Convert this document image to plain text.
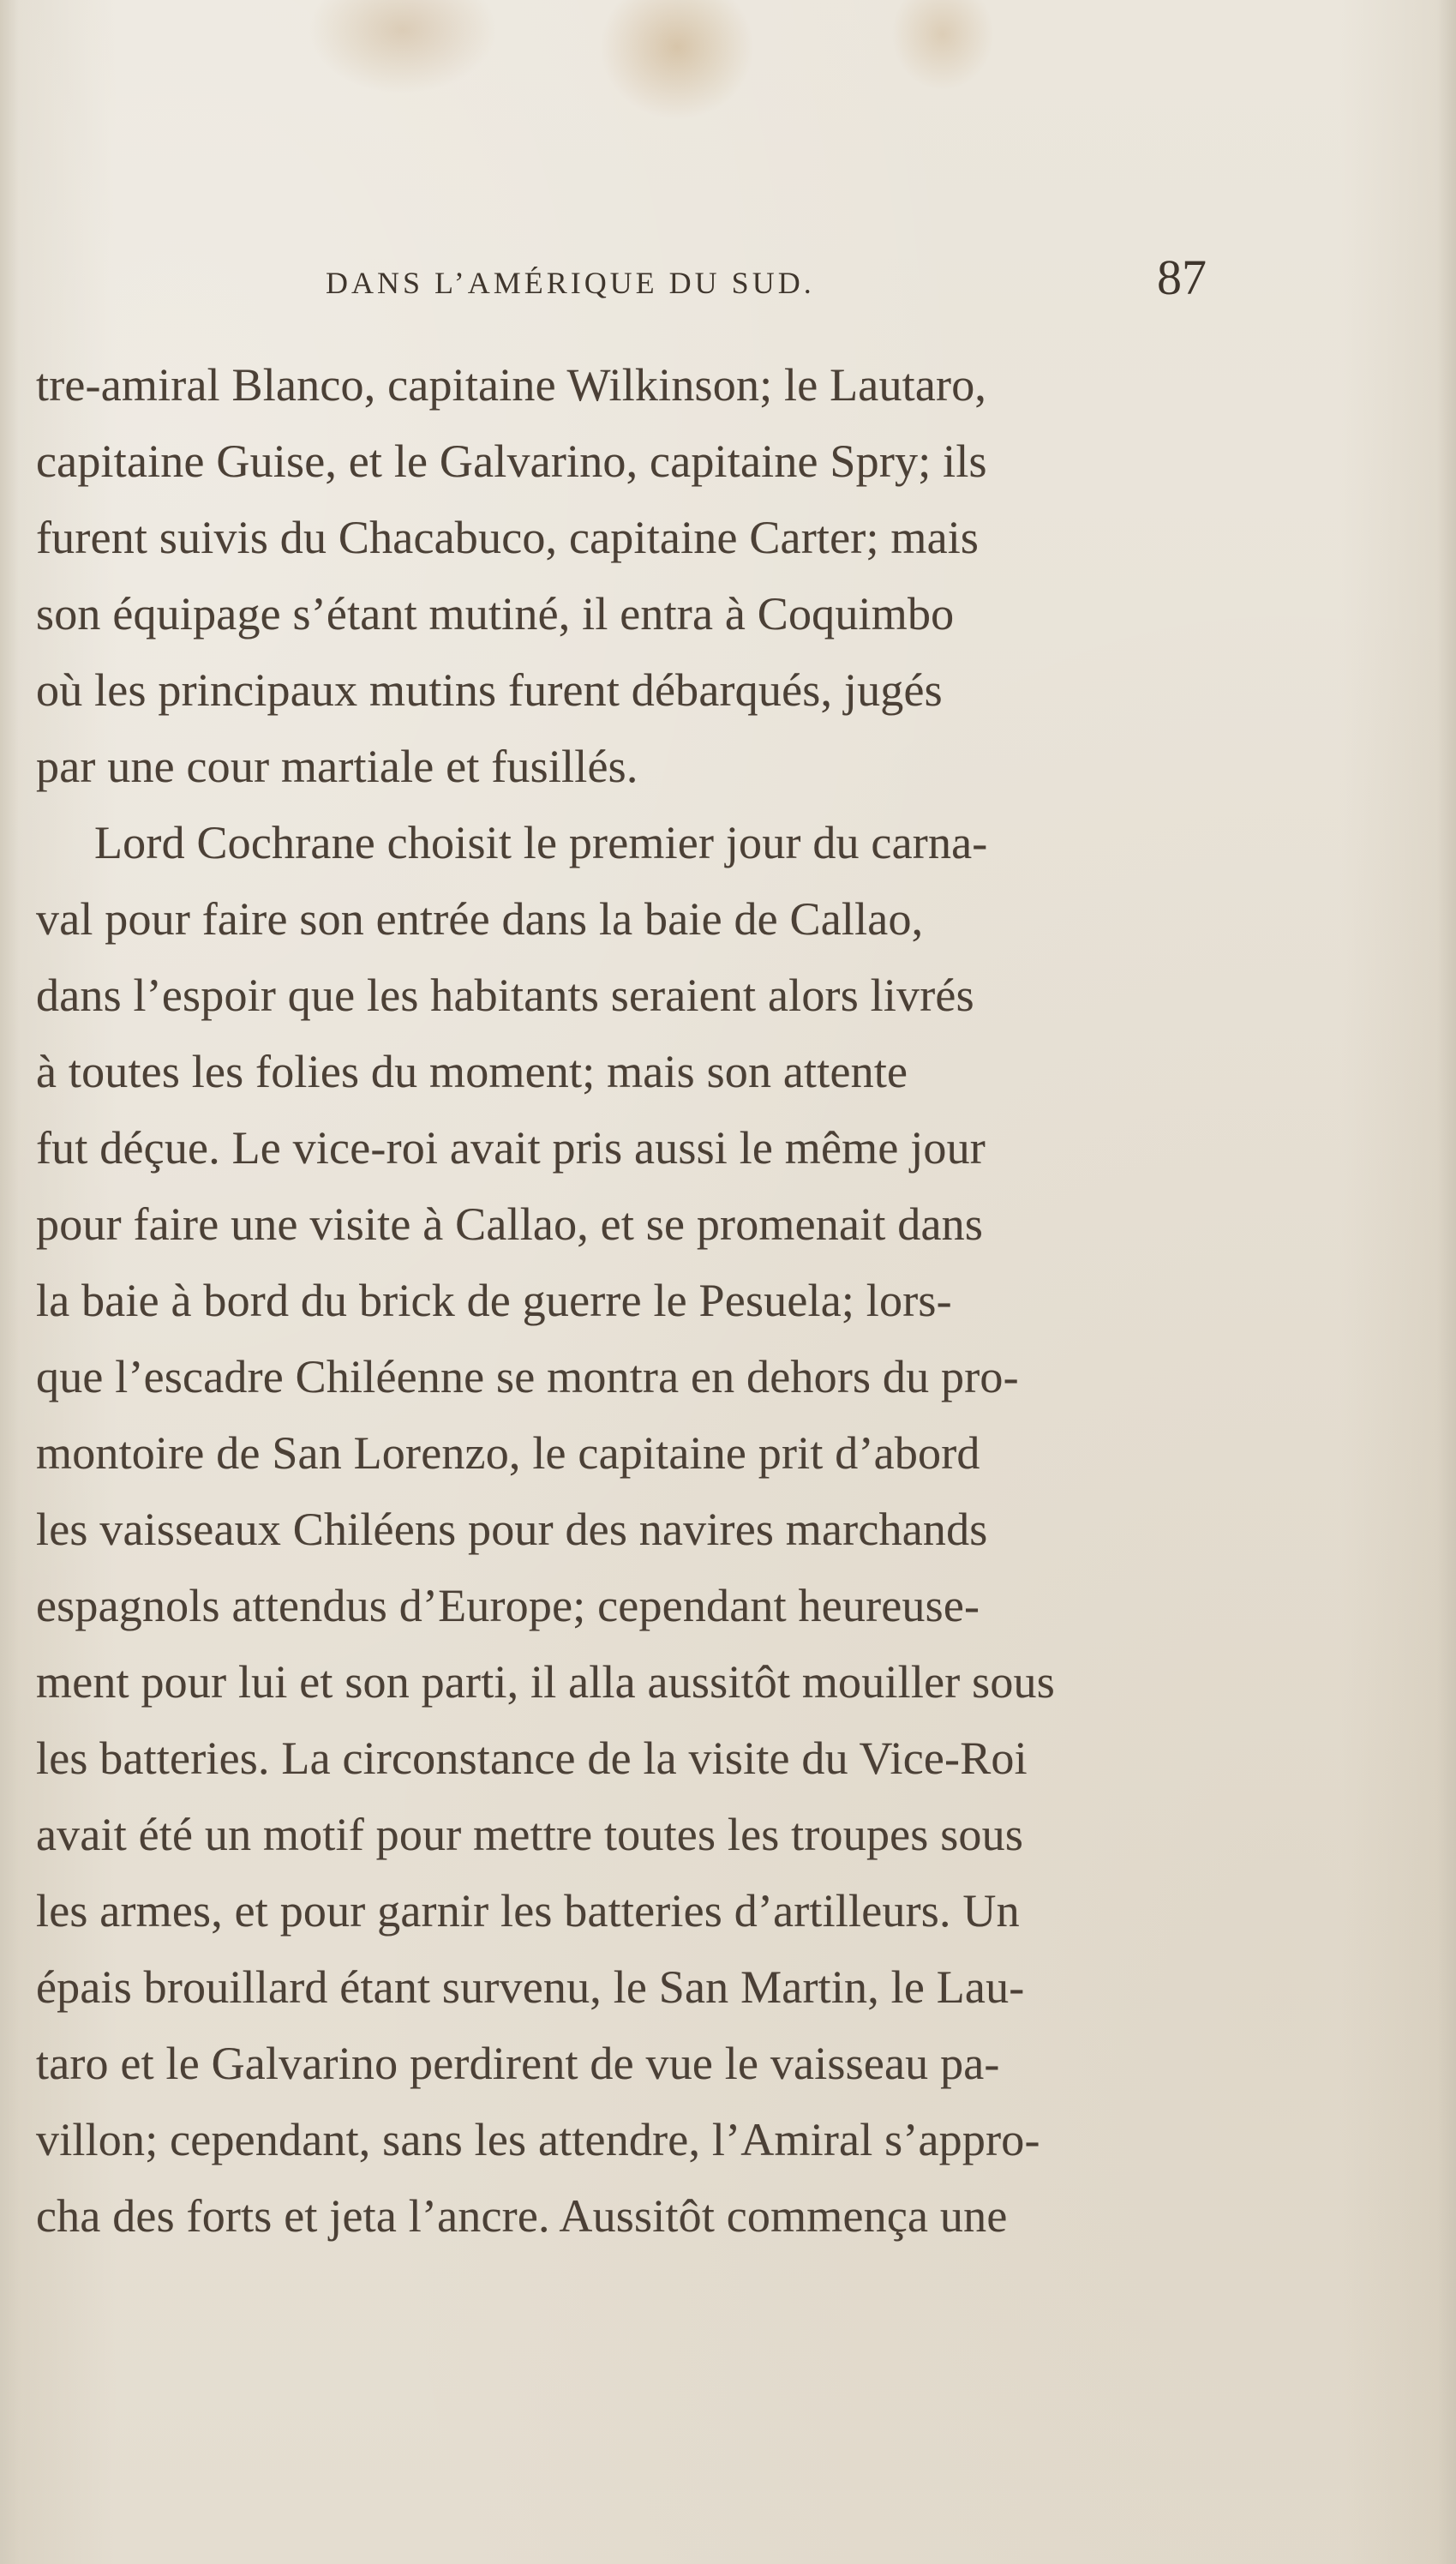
DANS L’AMÉRIQUE DU SUD.	87
tre-amiral Blanco, capitaine Wilkinson; le Lautaro,
capitaine Guise, et le Galvarino, capitaine Spry; ils
furent suivis du Chacabuco, capitaine Carter; mais
son équipage s’étant mutiné, il entra à Coquimbo
où les principaux mutins furent débarqués, jugés
par une cour martiale et fusillés.
Lord Cochrane choisit le premier jour du carna-
val pour faire son entrée dans la baie de Callao,
dans l’espoir que les habitants seraient alors livrés
à toutes les folies du moment; mais son attente
fut déçue. Le vice-roi avait pris aussi le même jour
pour faire une visite à Callao, et se promenait dans
la baie à bord du brick de guerre le Pesuela; lors-
que l’escadre Chiléenne se montra en dehors du pro-
montoire de San Lorenzo, le capitaine prit d’abord
les vaisseaux Chiléens pour des navires marchands
espagnols attendus d’Europe; cependant heureuse-
ment pour lui et son parti, il alla aussitôt mouiller sous
les batteries. La circonstance de la visite du Vice-Roi
avait été un motif pour mettre toutes les troupes sous
les armes, et pour garnir les batteries d’artilleurs. Un
épais brouillard étant survenu, le San Martin, le Lau-
taro et le Galvarino perdirent de vue le vaisseau pa-
villon; cependant, sans les attendre, l’Amiral s’appro-
cha des forts et jeta l’ancre. Aussitôt commença une
